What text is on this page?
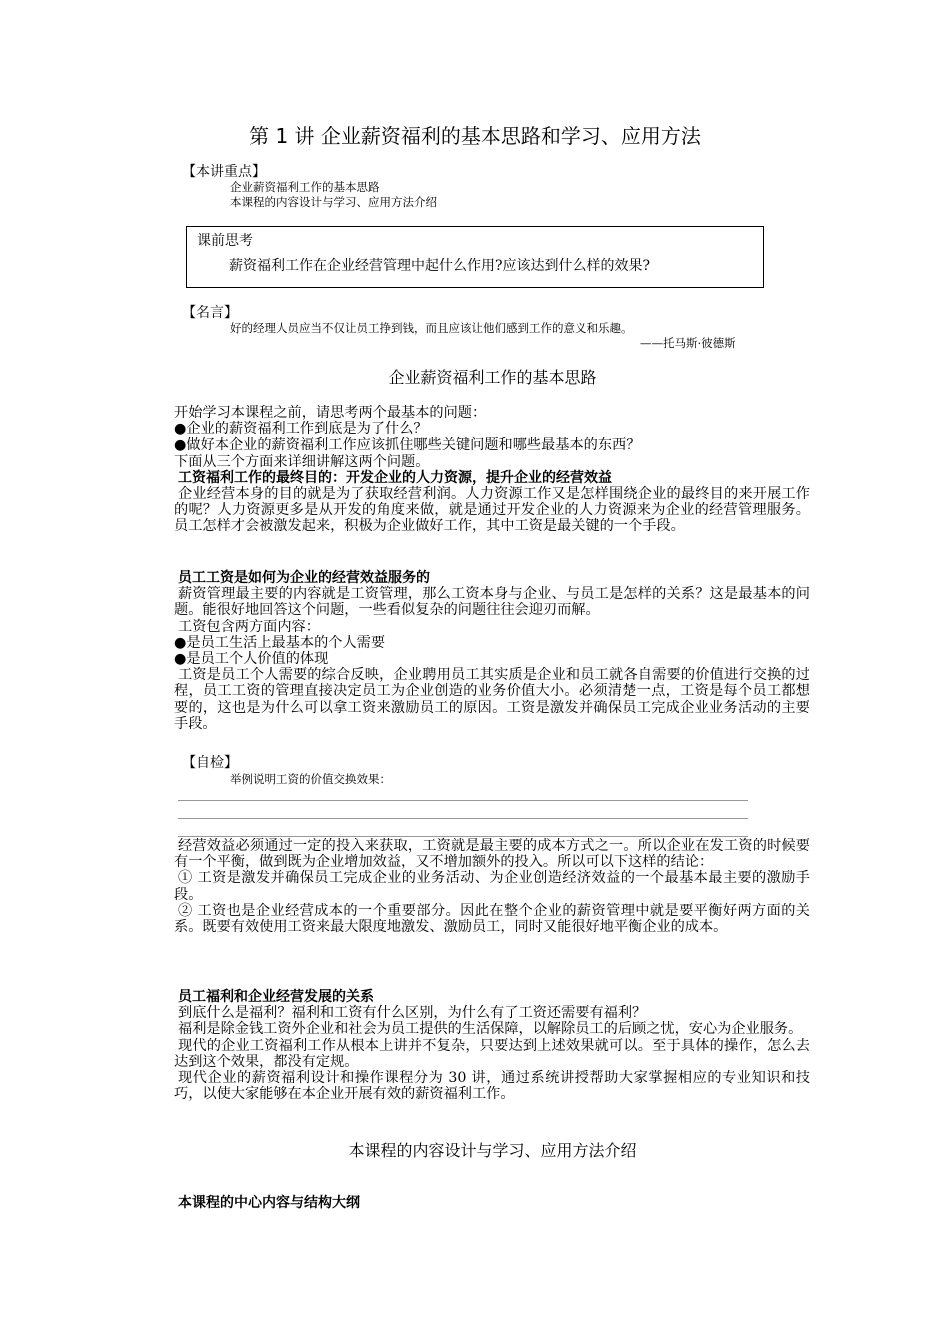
第 1 讲 企业薪资福利的基本思路和学习、应用方法
【本讲重点】
企业薪资福利工作的基本思路
本课程的内容设计与学习、应用方法介绍
课前思考
薪资福利工作在企业经营管理中起什么作用?应该达到什么样的效果?
【名言】
好的经理人员应当不仅让员工挣到钱，而且应该让他们感到工作的意义和乐趣。
——托马斯·彼德斯
企业薪资福利工作的基本思路

开始学习本课程之前，请思考两个最基本的问题：

●企业的薪资福利工作到底是为了什么？

●做好本企业的薪资福利工作应该抓住哪些关键问题和哪些最基本的东西？

下面从三个方面来详细讲解这两个问题。

工资福利工作的最终目的：开发企业的人力资源，提升企业的经营效益

企业经营本身的目的就是为了获取经营利润。人力资源工作又是怎样围绕企业的最终目的来开展工作的呢？人力资源更多是从开发的角度来做，就是通过开发企业的人力资源来为企业的经营管理服务。员工怎样才会被激发起来，积极为企业做好工作，其中工资是最关键的一个手段。

员工工资是如何为企业的经营效益服务的

薪资管理最主要的内容就是工资管理，那么工资本身与企业、与员工是怎样的关系？这是最基本的问题。能很好地回答这个问题，一些看似复杂的问题往往会迎刃而解。

工资包含两方面内容：

●是员工生活上最基本的个人需要

●是员工个人价值的体现

工资是员工个人需要的综合反映，企业聘用员工其实质是企业和员工就各自需要的价值进行交换的过程，员工工资的管理直接决定员工为企业创造的业务价值大小。必须清楚一点，工资是每个员工都想要的，这也是为什么可以拿工资来激励员工的原因。工资是激发并确保员工完成企业业务活动的主要手段。

【自检】
举例说明工资的价值交换效果：

经营效益必须通过一定的投入来获取，工资就是最主要的成本方式之一。所以企业在发工资的时候要有一个平衡，做到既为企业增加效益，又不增加额外的投入。所以可以下这样的结论：

① 工资是激发并确保员工完成企业的业务活动、为企业创造经济效益的一个最基本最主要的激励手段。

② 工资也是企业经营成本的一个重要部分。因此在整个企业的薪资管理中就是要平衡好两方面的关系。既要有效使用工资来最大限度地激发、激励员工，同时又能很好地平衡企业的成本。

员工福利和企业经营发展的关系

到底什么是福利？福利和工资有什么区别，为什么有了工资还需要有福利？

福利是除金钱工资外企业和社会为员工提供的生活保障，以解除员工的后顾之忧，安心为企业服务。

现代的企业工资福利工作从根本上讲并不复杂，只要达到上述效果就可以。至于具体的操作，怎么去达到这个效果，都没有定规。

现代企业的薪资福利设计和操作课程分为 30 讲，通过系统讲授帮助大家掌握相应的专业知识和技巧，以使大家能够在本企业开展有效的薪资福利工作。

本课程的内容设计与学习、应用方法介绍
本课程的中心内容与结构大纲
